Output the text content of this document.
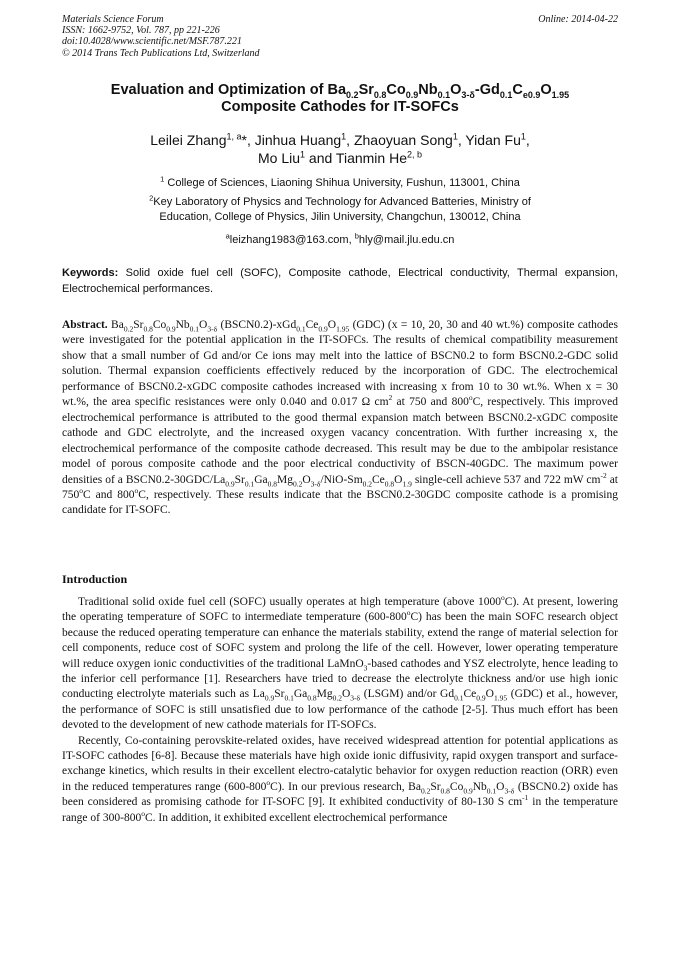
Materials Science Forum
ISSN: 1662-9752, Vol. 787, pp 221-226
doi:10.4028/www.scientific.net/MSF.787.221
© 2014 Trans Tech Publications Ltd, Switzerland
Online: 2014-04-22
Evaluation and Optimization of $Ba_{0.2}Sr_{0.8}Co_{0.9}Nb_{0.1}O_{3-\delta}-Gd_{0.1}C_{e0.9}O_{1.95}$
Composite Cathodes for IT-SOFCs
Leilei Zhang$^{1, a}$*, Jinhua Huang$^1$, Zhaoyuan Song$^1$, Yidan Fu$^1$,
Mo Liu$^1$ and Tianmin He$^{2, b}$
$^1$ College of Sciences, Liaoning Shihua University, Fushun, 113001, China
$^2$Key Laboratory of Physics and Technology for Advanced Batteries, Ministry of
Education, College of Physics, Jilin University, Changchun, 130012, China
$^a$leizhang1983@163.com, $^b$hly@mail.jlu.edu.cn
Keywords: Solid oxide fuel cell (SOFC), Composite cathode, Electrical conductivity, Thermal expansion, Electrochemical performances.
Abstract. $Ba_{0.2}Sr_{0.8}Co_{0.9}Nb_{0.1}O_{3-\delta}$ $(BSCN0.2)-xGd_{0.1}Ce_{0.9}O_{1.95}$ (GDC) (x = 10, 20, 30 and 40 wt.%) composite cathodes were investigated for the potential application in the IT-SOFCs. The results of chemical compatibility measurement show that a small number of Gd and/or Ce ions may melt into the lattice of BSCN0.2 to form BSCN0.2-GDC solid solution. Thermal expansion coefficients effectively reduced by the incorporation of GDC. The electrochemical performance of BSCN0.2-xGDC composite cathodes increased with increasing x from 10 to 30 wt.%. When x = 30 wt.%, the area specific resistances were only 0.040 and 0.017 Ω $cm^2$ at 750 and 800$^o$C, respectively. This improved electrochemical performance is attributed to the good thermal expansion match between BSCN0.2-xGDC composite cathode and GDC electrolyte, and the increased oxygen vacancy concentration. With further increasing x, the electrochemical performance of the composite cathode decreased. This result may be due to the ambipolar resistance model of porous composite cathode and the poor electrical conductivity of BSCN-40GDC. The maximum power densities of a $BSCN0.2-30GDC/La_{0.9}Sr_{0.1}Ga_{0.8}Mg_{0.2}O_{3-\delta}/NiO-Sm_{0.2}Ce_{0.8}O_{1.9}$ single-cell achieve 537 and 722 mW $cm^{-2}$ at 750$^o$C and 800$^o$C, respectively. These results indicate that the BSCN0.2-30GDC composite cathode is a promising candidate for IT-SOFC.
Introduction

Traditional solid oxide fuel cell (SOFC) usually operates at high temperature (above 1000$^o$C). At present, lowering the operating temperature of SOFC to intermediate temperature (600-800$^o$C) has been the main SOFC research object because the reduced operating temperature can enhance the materials stability, extend the range of material selection for cell components, reduce cost of SOFC system and prolong the life of the cell. However, lower operating temperature will reduce oxygen ionic conductivities of the traditional LaMnO$_3$-based cathodes and YSZ electrolyte, hence leading to the inferior cell performance [1]. Researchers have tried to decrease the electrolyte thickness and/or use high ionic conducting electrolyte materials such as $La_{0.9}Sr_{0.1}Ga_{0.8}Mg_{0.2}O_{3-\delta}$ (LSGM) and/or $Gd_{0.1}Ce_{0.9}O_{1.95}$ (GDC) et al., however, the performance of SOFC is still unsatisfied due to low performance of the cathode [2-5]. Thus much effort has been devoted to the development of new cathode materials for IT-SOFCs.

Recently, Co-containing perovskite-related oxides, have received widespread attention for potential applications as IT-SOFC cathodes [6-8]. Because these materials have high oxide ionic diffusivity, rapid oxygen transport and surface-exchange kinetics, which results in their excellent electro-catalytic behavior for oxygen reduction reaction (ORR) even in the reduced temperatures range (600-800$^o$C). In our previous research, $Ba_{0.2}Sr_{0.8}Co_{0.9}Nb_{0.1}O_{3-\delta}$ (BSCN0.2) oxide has been considered as promising cathode for IT-SOFC [9]. It exhibited conductivity of 80-130 S $cm^{-1}$ in the temperature range of 300-800$^o$C. In addition, it exhibited excellent electrochemical performance
